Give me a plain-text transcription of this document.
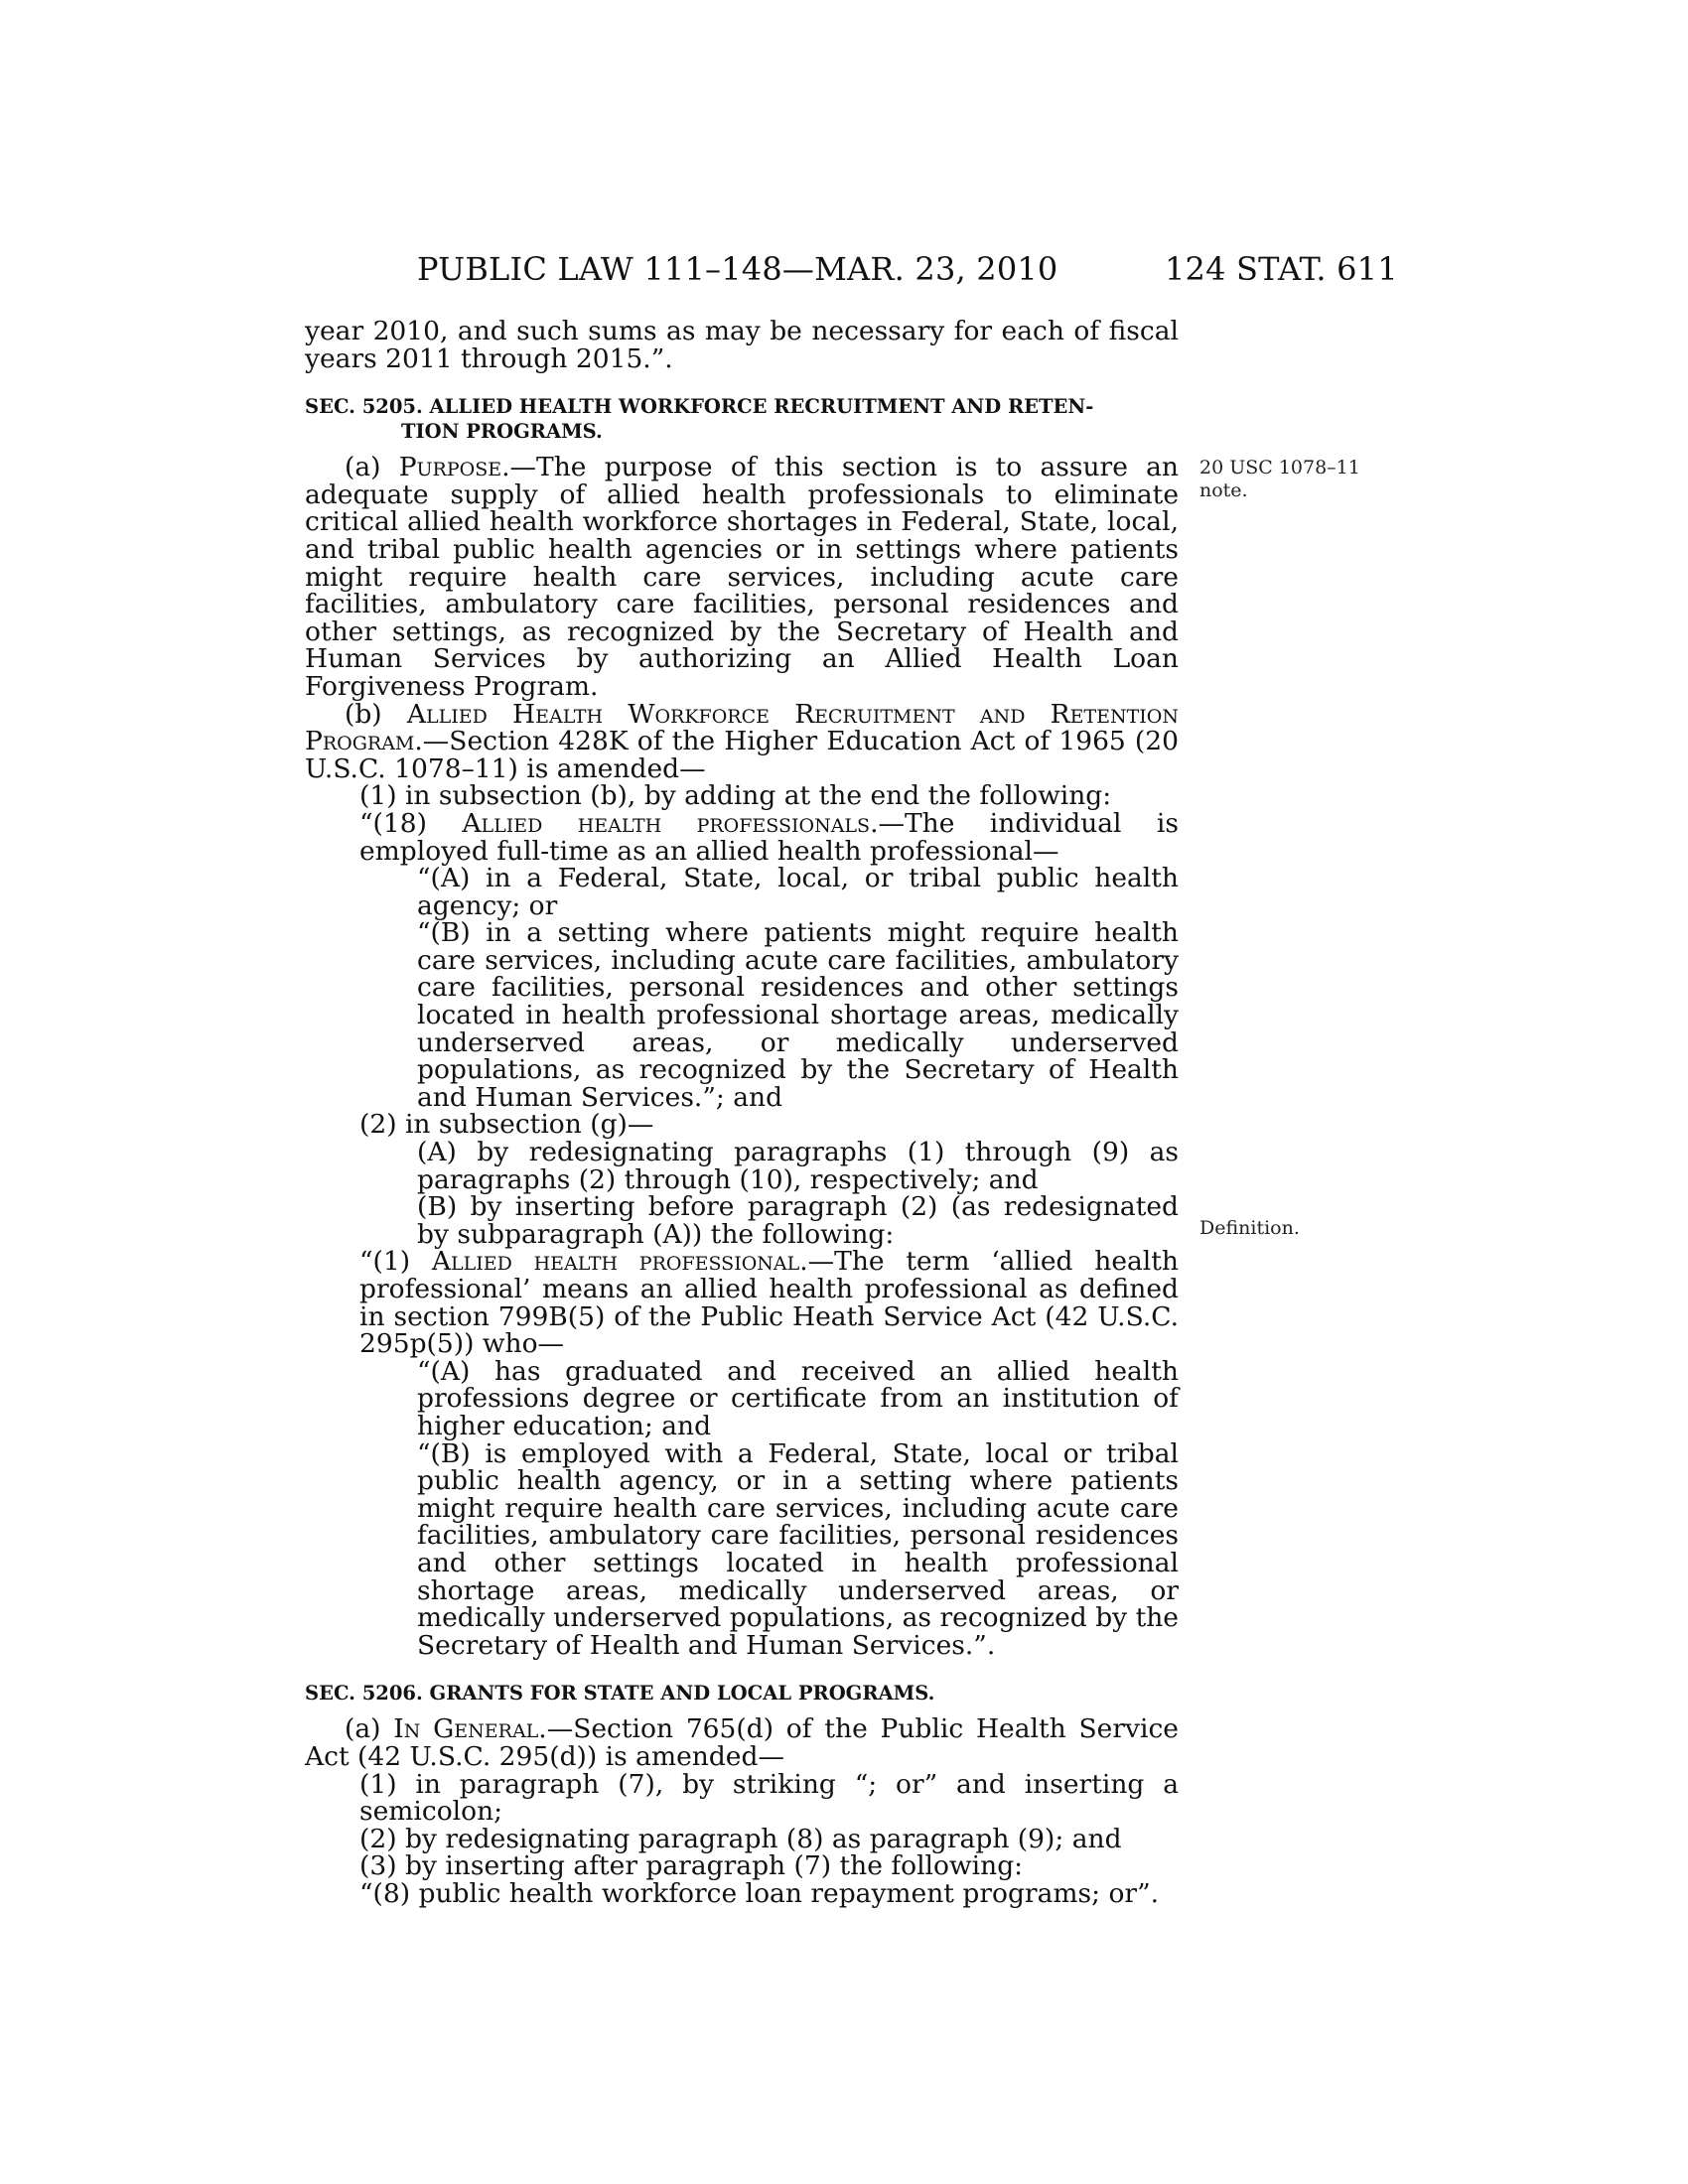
PUBLIC LAW 111–148—MAR. 23, 2010	124 STAT. 611
20 USC 1078–11
note.
Definition.

year 2010, and such sums as may be necessary for each of fiscal years 2011 through 2015.”.

SEC. 5205. ALLIED HEALTH WORKFORCE RECRUITMENT AND RETEN-
TION PROGRAMS.

(a) Purpose.—The purpose of this section is to assure an adequate supply of allied health professionals to eliminate critical allied health workforce shortages in Federal, State, local, and tribal public health agencies or in settings where patients might require health care services, including acute care facilities, ambulatory care facilities, personal residences and other settings, as recognized by the Secretary of Health and Human Services by authorizing an Allied Health Loan Forgiveness Program.

(b) Allied Health Workforce Recruitment and Retention Program.—Section 428K of the Higher Education Act of 1965 (20 U.S.C. 1078–11) is amended—

(1) in subsection (b), by adding at the end the following:

“(18) Allied health professionals.—The individual is employed full-time as an allied health professional—

“(A) in a Federal, State, local, or tribal public health agency; or

“(B) in a setting where patients might require health care services, including acute care facilities, ambulatory care facilities, personal residences and other settings located in health professional shortage areas, medically underserved areas, or medically underserved populations, as recognized by the Secretary of Health and Human Services.”; and

(2) in subsection (g)—

(A) by redesignating paragraphs (1) through (9) as paragraphs (2) through (10), respectively; and

(B) by inserting before paragraph (2) (as redesignated by subparagraph (A)) the following:

“(1) Allied health professional.—The term ‘allied health professional’ means an allied health professional as defined in section 799B(5) of the Public Heath Service Act (42 U.S.C. 295p(5)) who—

“(A) has graduated and received an allied health professions degree or certificate from an institution of higher education; and

“(B) is employed with a Federal, State, local or tribal public health agency, or in a setting where patients might require health care services, including acute care facilities, ambulatory care facilities, personal residences and other settings located in health professional shortage areas, medically underserved areas, or medically underserved populations, as recognized by the Secretary of Health and Human Services.”.

SEC. 5206. GRANTS FOR STATE AND LOCAL PROGRAMS.

(a) In General.—Section 765(d) of the Public Health Service Act (42 U.S.C. 295(d)) is amended—

(1) in paragraph (7), by striking “; or” and inserting a semicolon;

(2) by redesignating paragraph (8) as paragraph (9); and

(3) by inserting after paragraph (7) the following:

“(8) public health workforce loan repayment programs; or”.
